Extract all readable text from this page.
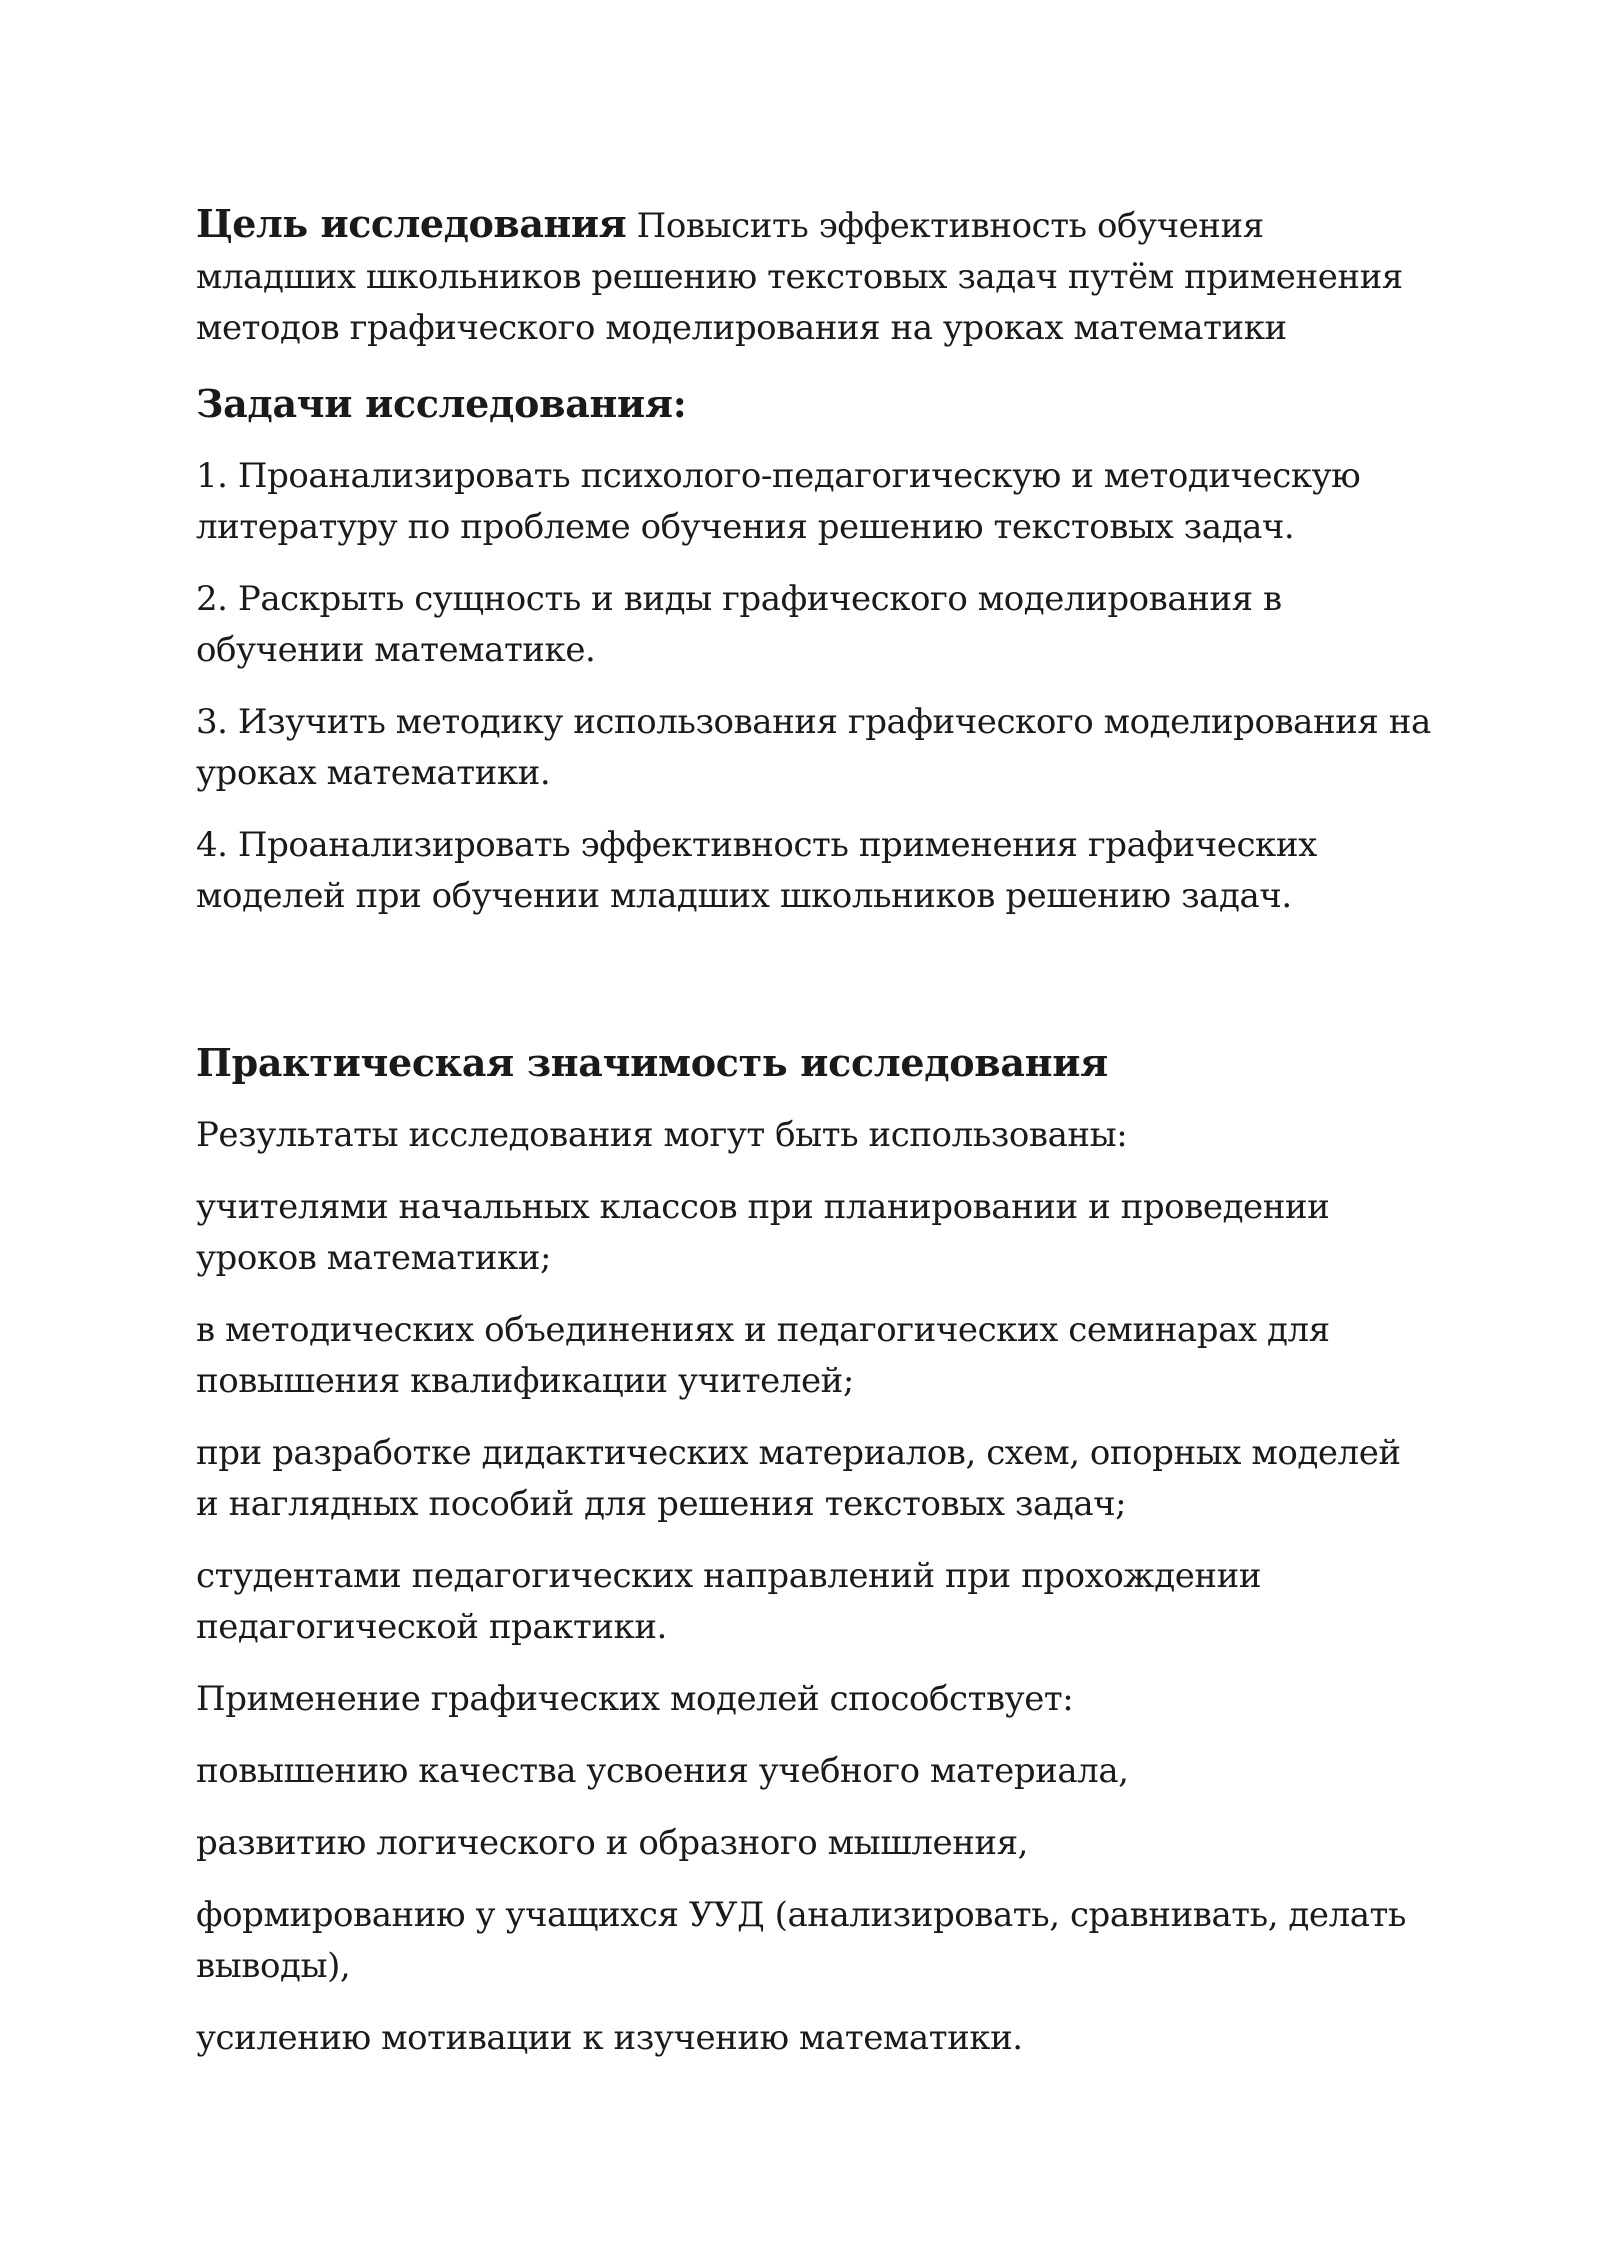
Цель исследования Повысить эффективность обучения младших школьников решению текстовых задач путём применения методов графического моделирования на уроках математики

Задачи исследования:

1. Проанализировать психолого-педагогическую и методическую литературу по проблеме обучения решению текстовых задач.

2. Раскрыть сущность и виды графического моделирования в обучении математике.

3. Изучить методику использования графического моделирования на уроках математики.

4. Проанализировать эффективность применения графических моделей при обучении младших школьников решению задач.

Практическая значимость исследования

Результаты исследования могут быть использованы:

учителями начальных классов при планировании и проведении уроков математики;

в методических объединениях и педагогических семинарах для повышения квалификации учителей;

при разработке дидактических материалов, схем, опорных моделей и наглядных пособий для решения текстовых задач;

студентами педагогических направлений при прохождении педагогической практики.

Применение графических моделей способствует:

повышению качества усвоения учебного материала,

развитию логического и образного мышления,

формированию у учащихся УУД (анализировать, сравнивать, делать выводы),

усилению мотивации к изучению математики.
